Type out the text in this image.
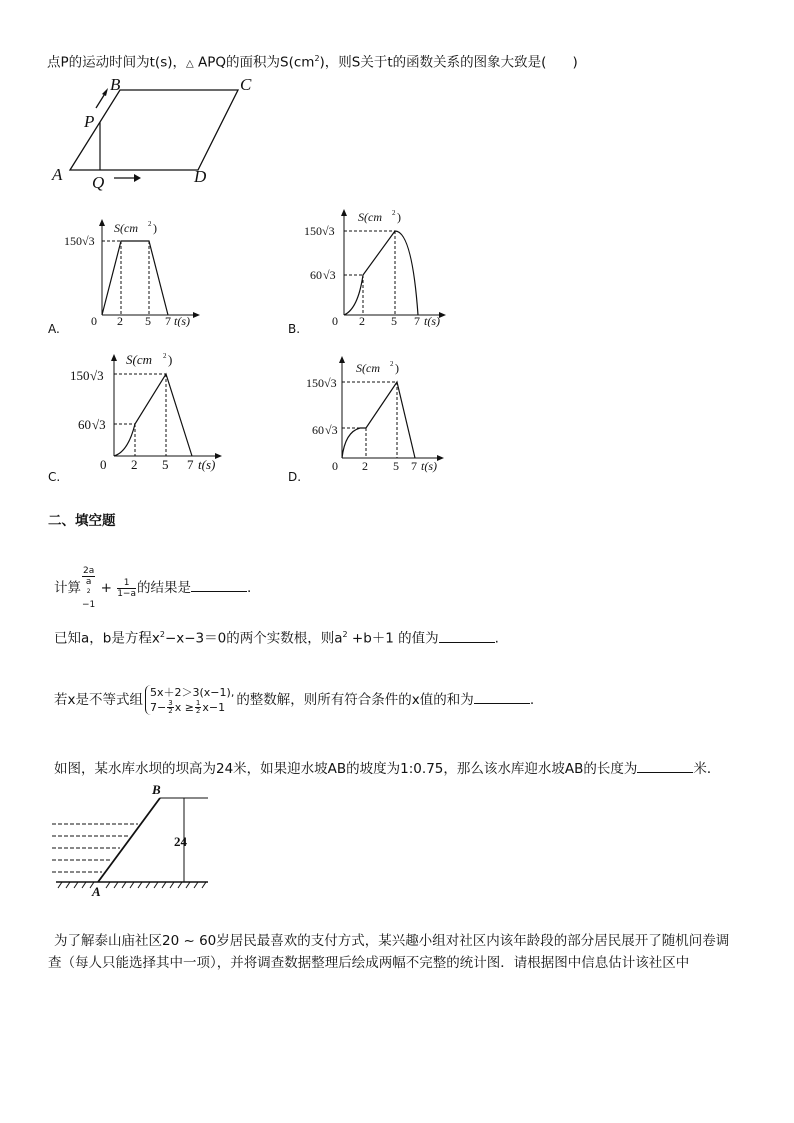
点P的运动时间为t(s)，△ APQ的面积为$S(cm^2)$，则S关于t的函数关系的图象大致是( )
A
B	C
D
P
Q
S(cm 2 )
150 √3
0 2 5 7 t(s)
A.
S(cm 2 )
150 √3
60 √3
0 2 5 7 t(s)
B.
S(cm 2 )
150 √3
60 √3
0 2 5 7 t(s)
C.
S(cm 2 )
150 √3
60 √3
0 2 5 7 t(s)
D.
二、填空题
计算 2a
a
$^2$
$-1 + \frac{1}{1-a}$ 的结果是	.
已知a，b是方程$x^2-x-3=0$的两个实数根，则$a^2 +b+1$ 的值为	.
若x是不等式组 5x＋2＞3(x−1),
$7- \frac{3}{2}$ $x \ge \frac{1}{2} x-1$ 的整数解，则所有符合条件的x值的和为	.
如图，某水库水坝的坝高为24米，如果迎水坡AB的坡度为1:0.75，那么该水库迎水坡AB的长度为	米．
B
A
24
为了解泰山庙社区20 ~ 60岁居民最喜欢的支付方式，某兴趣小组对社区内该年龄段的部分居民展开了随机问卷调
查（每人只能选择其中一项），并将调查数据整理后绘成两幅不完整的统计图．请根据图中信息估计该社区中
